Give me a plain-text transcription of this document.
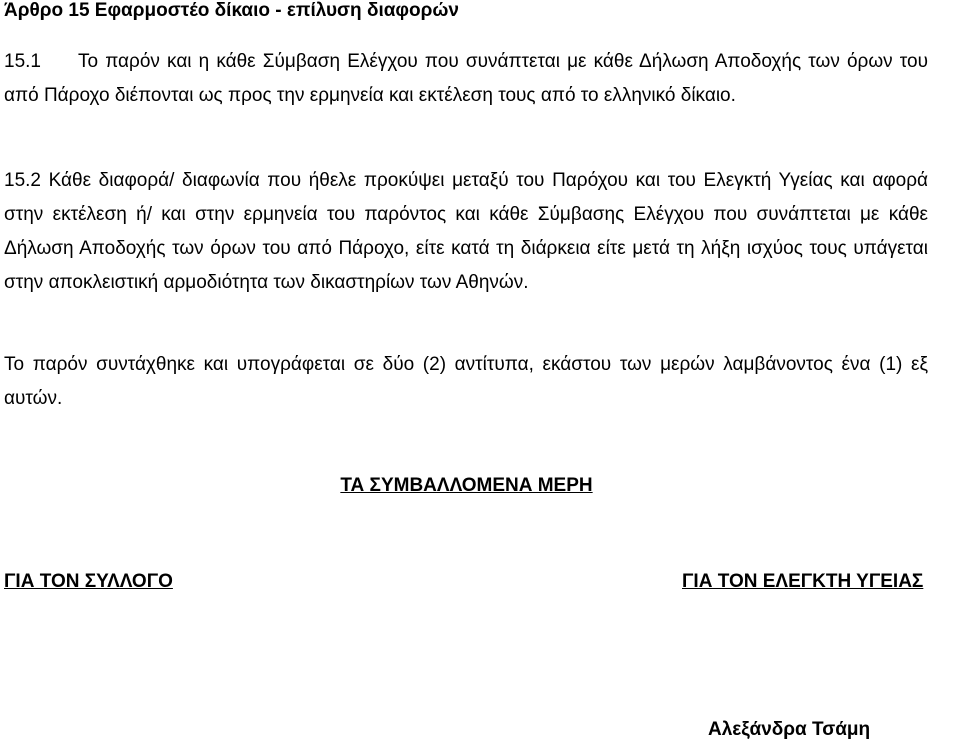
Άρθρο 15 Εφαρμοστέο δίκαιο - επίλυση διαφορών
15.1 Το παρόν και η κάθε Σύμβαση Ελέγχου που συνάπτεται με κάθε Δήλωση Αποδοχής των όρων του από Πάροχο διέπονται ως προς την ερμηνεία και εκτέλεση τους από το ελληνικό δίκαιο.
15.2 Κάθε διαφορά/ διαφωνία που ήθελε προκύψει μεταξύ του Παρόχου και του Ελεγκτή Υγείας και αφορά στην εκτέλεση ή/ και στην ερμηνεία του παρόντος και κάθε Σύμβασης Ελέγχου που συνάπτεται με κάθε Δήλωση Αποδοχής των όρων του από Πάροχο, είτε κατά τη διάρκεια είτε μετά τη λήξη ισχύος τους υπάγεται στην αποκλειστική αρμοδιότητα των δικαστηρίων των Αθηνών.
Το παρόν συντάχθηκε και υπογράφεται σε δύο (2) αντίτυπα, εκάστου των μερών λαμβάνοντος ένα (1) εξ αυτών.
ΤΑ ΣΥΜΒΑΛΛΟΜΕΝΑ ΜΕΡΗ
ΓΙΑ ΤΟΝ ΣΥΛΛΟΓΟ	ΓΙΑ ΤΟΝ ΕΛΕΓΚΤΗ ΥΓΕΙΑΣ
Αλεξάνδρα Τσάμη
